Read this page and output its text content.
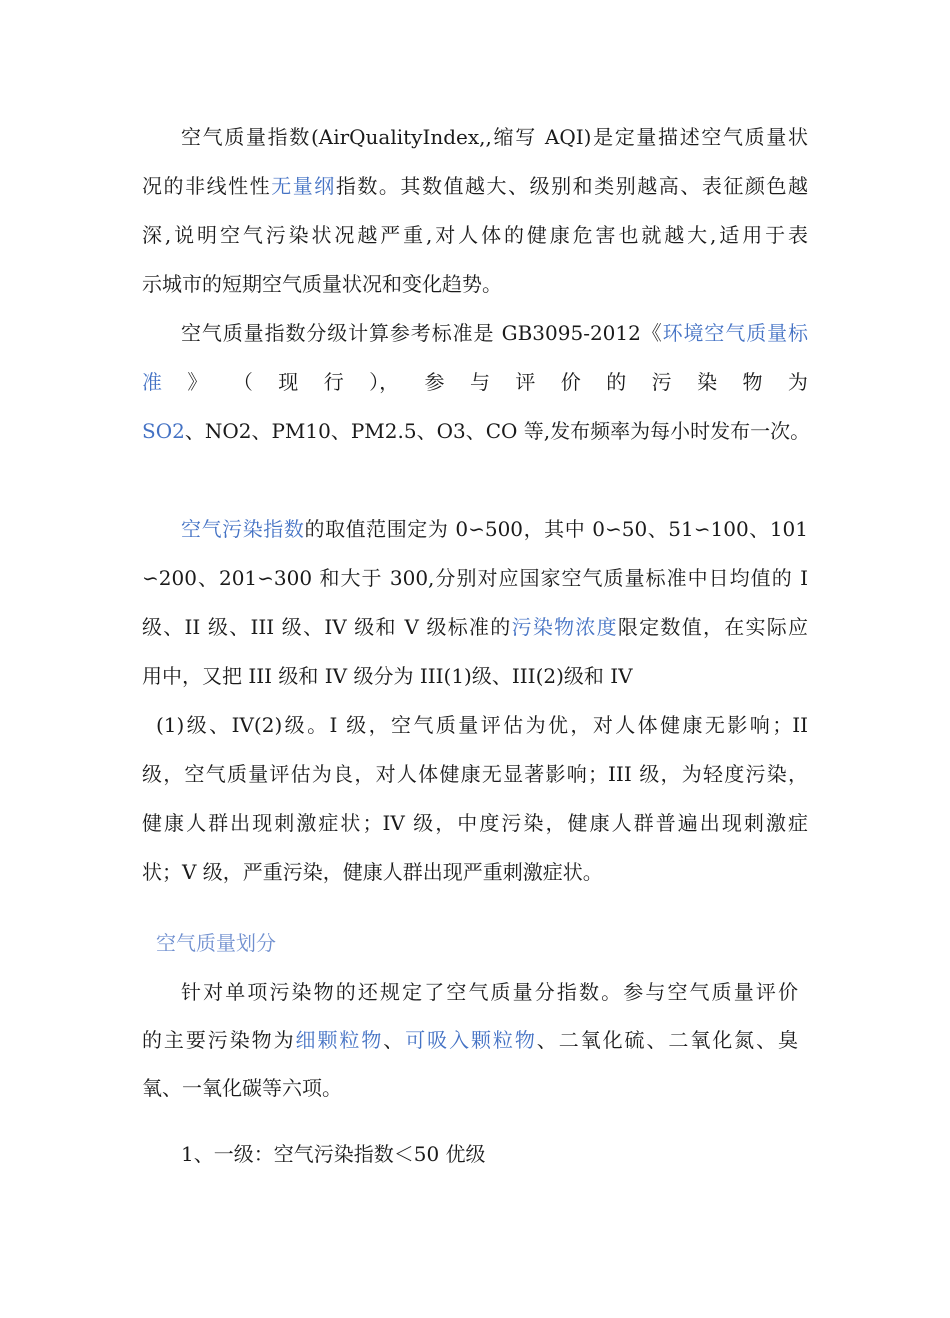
空气质量指数(AirQualityIndex,,缩写 AQI)是定量描述空气质量状
况的非线性性无量纲指数。其数值越大、级别和类别越高、表征颜色越
深,说明空气污染状况越严重,对人体的健康危害也就越大,适用于表
示城市的短期空气质量状况和变化趋势。
空气质量指数分级计算参考标准是 GB3095-2012《环境空气质量标
准 》 （ 现 行 ）， 参 与 评 价 的 污 染 物 为
SO2、NO2、PM10、PM2.5、O3、CO 等,发布频率为每小时发布一次。
空气污染指数的取值范围定为 0∽500，其中 0∽50、51∽100、101
∽200、201∽300 和大于 300,分别对应国家空气质量标准中日均值的 I
级、II 级、III 级、IV 级和 V 级标准的污染物浓度限定数值，在实际应
用中，又把 III 级和 IV 级分为 III(1)级、III(2)级和 IV
(1)级、IV(2)级。I 级，空气质量评估为优，对人体健康无影响；II
级，空气质量评估为良，对人体健康无显著影响；III 级，为轻度污染，
健康人群出现刺激症状；IV 级，中度污染，健康人群普遍出现刺激症
状；V 级，严重污染，健康人群出现严重刺激症状。
空气质量划分
针对单项污染物的还规定了空气质量分指数。参与空气质量评价
的主要污染物为细颗粒物、可吸入颗粒物、二氧化硫、二氧化氮、臭
氧、一氧化碳等六项。
1、一级：空气污染指数＜50 优级
